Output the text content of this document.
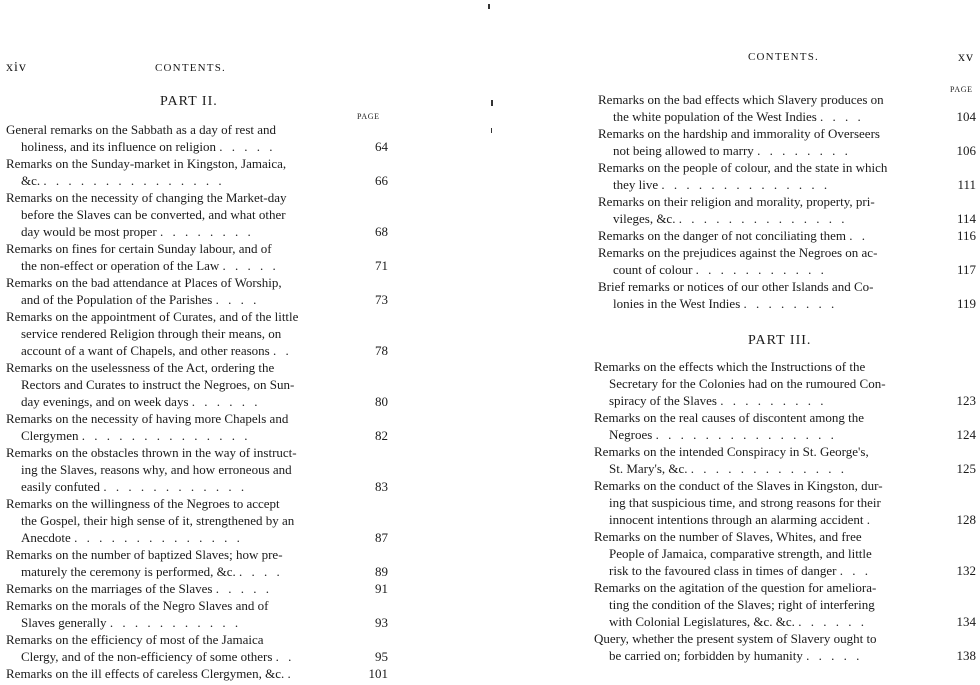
xiv	CONTENTS.
PART II.
PAGE
General remarks on the Sabbath as a day of rest and
holiness, and its influence on religion . . . . .	64
Remarks on the Sunday-market in Kingston, Jamaica,
&c. . . . . . . . . . . . . . . .	66
Remarks on the necessity of changing the Market-day
before the Slaves can be converted, and what other
day would be most proper . . . . . . . .	68
Remarks on fines for certain Sunday labour, and of
the non-effect or operation of the Law . . . . .	71
Remarks on the bad attendance at Places of Worship,
and of the Population of the Parishes . . . .	73
Remarks on the appointment of Curates, and of the little
service rendered Religion through their means, on
account of a want of Chapels, and other reasons . .	78
Remarks on the uselessness of the Act, ordering the
Rectors and Curates to instruct the Negroes, on Sun-
day evenings, and on week days . . . . . .	80
Remarks on the necessity of having more Chapels and
Clergymen . . . . . . . . . . . . . .	82
Remarks on the obstacles thrown in the way of instruct-
ing the Slaves, reasons why, and how erroneous and
easily confuted . . . . . . . . . . . .	83
Remarks on the willingness of the Negroes to accept
the Gospel, their high sense of it, strengthened by an
Anecdote . . . . . . . . . . . . . .	87
Remarks on the number of baptized Slaves; how pre-
maturely the ceremony is performed, &c. . . . .	89
Remarks on the marriages of the Slaves . . . . .	91
Remarks on the morals of the Negro Slaves and of
Slaves generally . . . . . . . . . . .	93
Remarks on the efficiency of most of the Jamaica
Clergy, and of the non-efficiency of some others . .	95
Remarks on the ill effects of careless Clergymen, &c. .	101
CONTENTS.	xv
PAGE
Remarks on the bad effects which Slavery produces on
the white population of the West Indies . . . .	104
Remarks on the hardship and immorality of Overseers
not being allowed to marry . . . . . . . .	106
Remarks on the people of colour, and the state in which
they live . . . . . . . . . . . . . .	111
Remarks on their religion and morality, property, pri-
vileges, &c. . . . . . . . . . . . . . .	114
Remarks on the danger of not conciliating them . .	116
Remarks on the prejudices against the Negroes on ac-
count of colour . . . . . . . . . . .	117
Brief remarks or notices of our other Islands and Co-
lonies in the West Indies . . . . . . . .	119
PART III.
Remarks on the effects which the Instructions of the
Secretary for the Colonies had on the rumoured Con-
spiracy of the Slaves . . . . . . . . .	123
Remarks on the real causes of discontent among the
Negroes . . . . . . . . . . . . . . .	124
Remarks on the intended Conspiracy in St. George's,
St. Mary's, &c. . . . . . . . . . . . . .	125
Remarks on the conduct of the Slaves in Kingston, dur-
ing that suspicious time, and strong reasons for their
innocent intentions through an alarming accident .	128
Remarks on the number of Slaves, Whites, and free
People of Jamaica, comparative strength, and little
risk to the favoured class in times of danger . . .	132
Remarks on the agitation of the question for ameliora-
ting the condition of the Slaves; right of interfering
with Colonial Legislatures, &c. &c. . . . . . .	134
Query, whether the present system of Slavery ought to
be carried on; forbidden by humanity . . . . .	138
